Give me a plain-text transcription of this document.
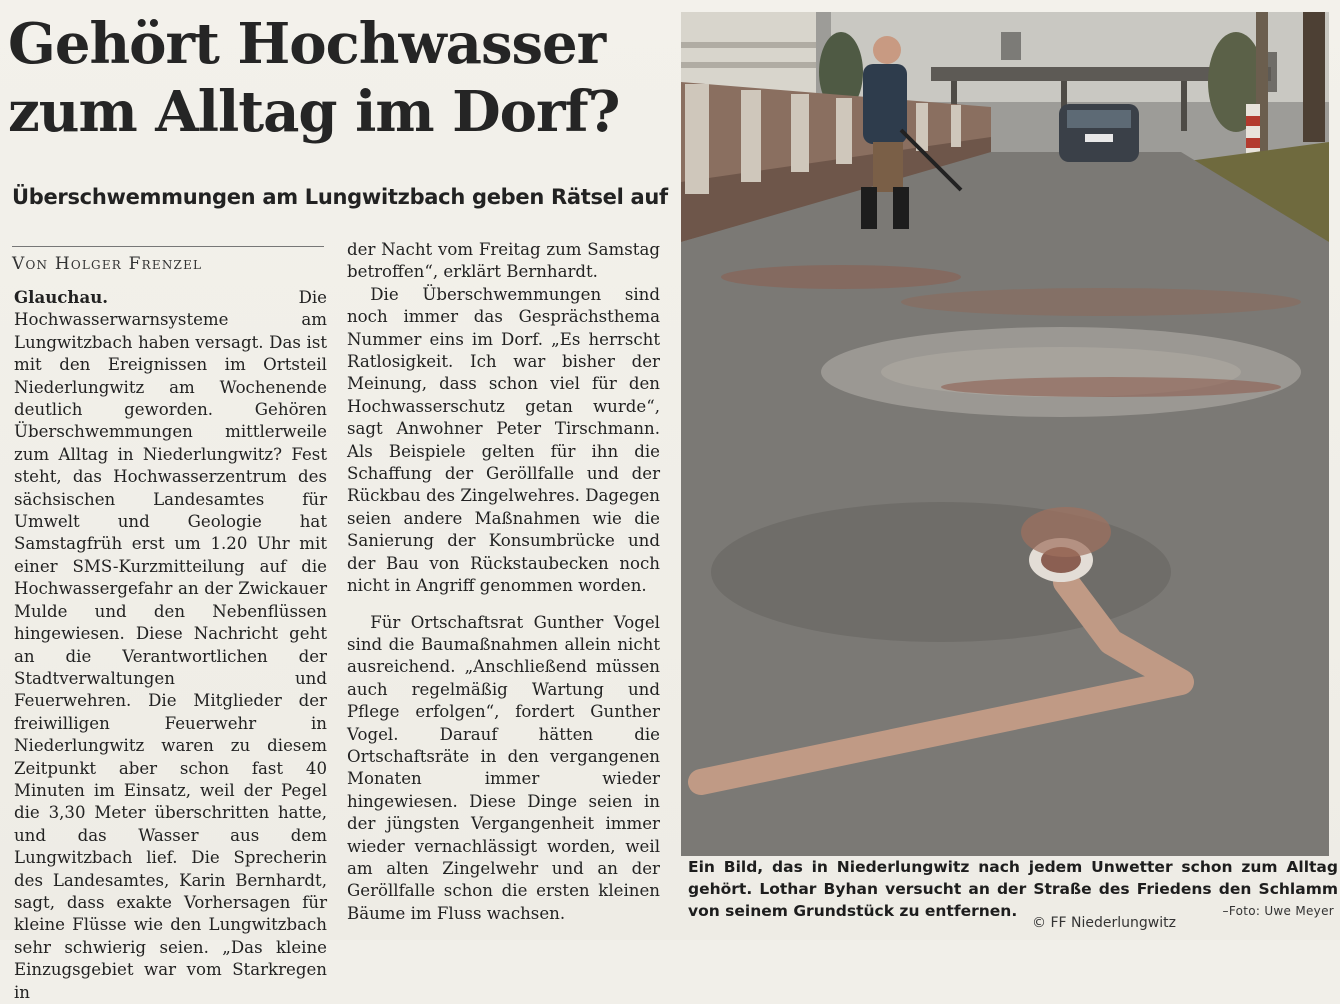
Gehört Hochwasser
zum Alltag im Dorf?
Überschwemmungen am Lungwitzbach geben Rätsel auf
Von Holger Frenzel

Glauchau.	Die Hochwasserwarnsysteme am Lungwitzbach haben versagt. Das ist mit den Ereignissen im Ortsteil Niederlungwitz am Wochenende deutlich geworden. Gehören Überschwemmungen mittlerweile zum Alltag in Niederlungwitz? Fest steht, das Hochwasserzentrum des sächsischen Landesamtes für Umwelt und Geologie hat Samstagfrüh erst um 1.20 Uhr mit einer SMS-Kurzmitteilung auf die Hochwassergefahr an der Zwickauer Mulde und den Nebenflüssen hingewiesen. Diese Nachricht geht an die Verantwortlichen der Stadtverwaltungen und Feuerwehren. Die Mitglieder der freiwilligen Feuerwehr in Niederlungwitz waren zu diesem Zeitpunkt aber schon fast 40 Minuten im Einsatz, weil der Pegel die 3,30 Meter überschritten hatte, und das Wasser aus dem Lungwitzbach lief. Die Sprecherin des Landesamtes, Karin Bernhardt, sagt, dass exakte Vorhersagen für kleine Flüsse wie den Lungwitzbach sehr schwierig seien. „Das kleine Einzugsgebiet war vom Starkregen in

der Nacht vom Freitag zum Samstag betroffen“, erklärt Bernhardt.

Die Überschwemmungen sind noch immer das Gesprächsthema Nummer eins im Dorf. „Es herrscht Ratlosigkeit. Ich war bisher der Meinung, dass schon viel für den Hochwasserschutz getan wurde“, sagt Anwohner Peter Tirschmann. Als Beispiele gelten für ihn die Schaffung der Geröllfalle und der Rückbau des Zingelwehres. Dagegen seien andere Maßnahmen wie die Sanierung der Konsumbrücke und der Bau von Rückstaubecken noch nicht in Angriff genommen worden.

Für Ortschaftsrat Gunther Vogel sind die Baumaßnahmen allein nicht ausreichend. „Anschließend müssen auch regelmäßig Wartung und Pflege erfolgen“, fordert Gunther Vogel. Darauf hätten die Ortschaftsräte in den vergangenen Monaten immer wieder hingewiesen. Diese Dinge seien in der jüngsten Vergangenheit immer wieder vernachlässigt worden, weil am alten Zingelwehr und an der Geröllfalle schon die ersten kleinen Bäume im Fluss wachsen.

Ein Bild, das in Niederlungwitz nach jedem Unwetter schon zum Alltag gehört. Lothar Byhan versucht an der Straße des Friedens den Schlamm von seinem Grundstück zu entfernen.	–Foto: Uwe Meyer
© FF Niederlungwitz
